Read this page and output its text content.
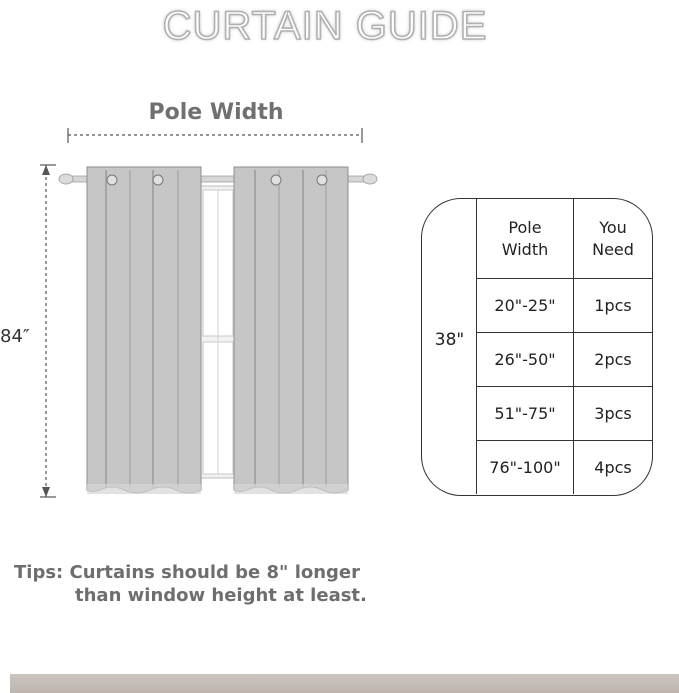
CURTAIN GUIDE
Pole Width
84″	38"
Pole Width	You Need
20"-25"	1pcs
26"-50"	2pcs
51"-75"	3pcs
76"-100"	4pcs
Tips: Curtains should be 8" longer
than window height at least.
